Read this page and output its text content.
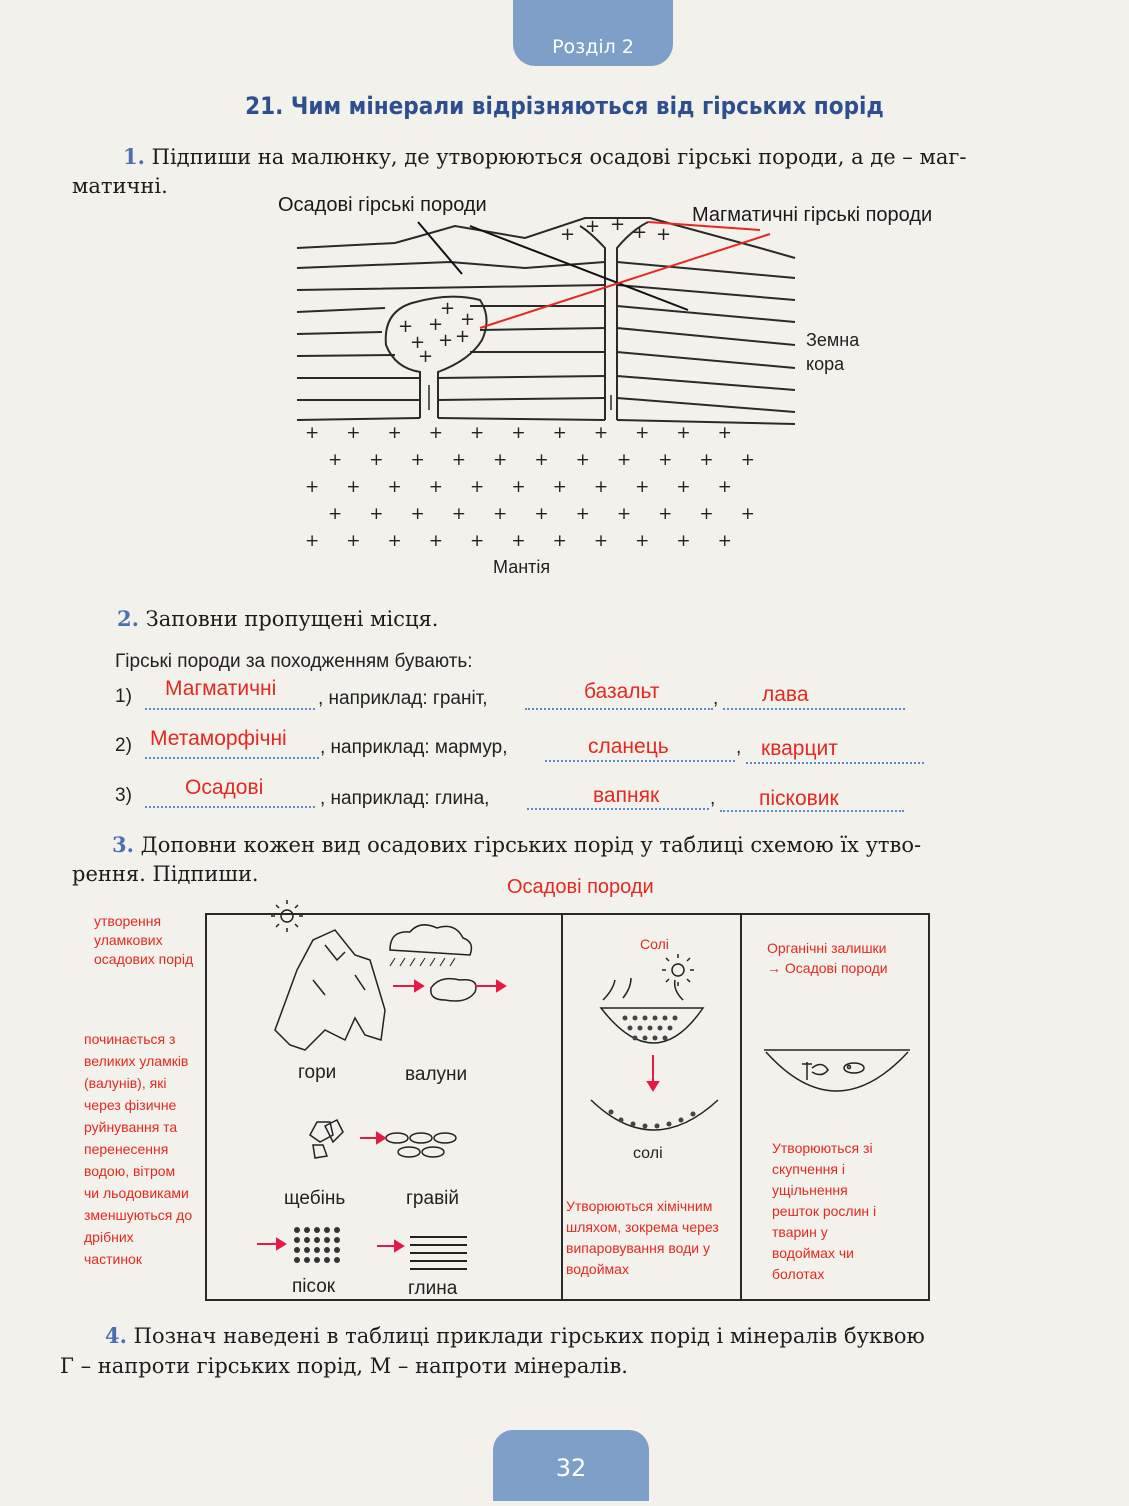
Розділ 2
21. Чим мінерали відрізняються від гірських порід
1. Підпиши на малюнку, де утворюються осадові гірські породи, а де – маг-
матичні.
Осадові гірські породи	Магматичні гірські породи
+
+
+ +
+ + +
+
+ + + + +
+     +     +     +     +     +     +     +     +     +     +
+     +     +     +     +     +     +     +     +     +     +
+     +     +     +     +     +     +     +     +     +     +
+     +     +     +     +     +     +     +     +     +     +
+     +     +     +     +     +     +     +     +     +     +
Земна
кора
Мантія
2. Заповни пропущені місця.
Гірські породи за походженням бувають:
1) Магматичні , наприклад: граніт,	базальт	, лава
2) Метаморфічні , наприклад: мармур,	сланець	, кварцит
3)	Осадові	, наприклад: глина,	вапняк	, пісковик
3. Доповни кожен вид осадових гірських порід у таблиці схемою їх утво-
рення. Підпиши.
Осадові породи
утворення
уламкових
осадових порід
починається з
великих уламків
(валунів), які
через фізичне
руйнування та
перенесення
водою, вітром
чи льодовиками
зменшуються до
дрібних
частинок
гори	валуни
щебінь	гравій
пісок	глина
Солі
солі
Утворюються хімічним
шляхом, зокрема через
випаровування води у
водоймах
Органічні залишки
→ Осадові породи
Утворюються зі
скупчення і
ущільнення
решток рослин і
тварин у
водоймах чи
болотах
4. Познач наведені в таблиці приклади гірських порід і мінералів буквою
Г – напроти гірських порід, М – напроти мінералів.
32
